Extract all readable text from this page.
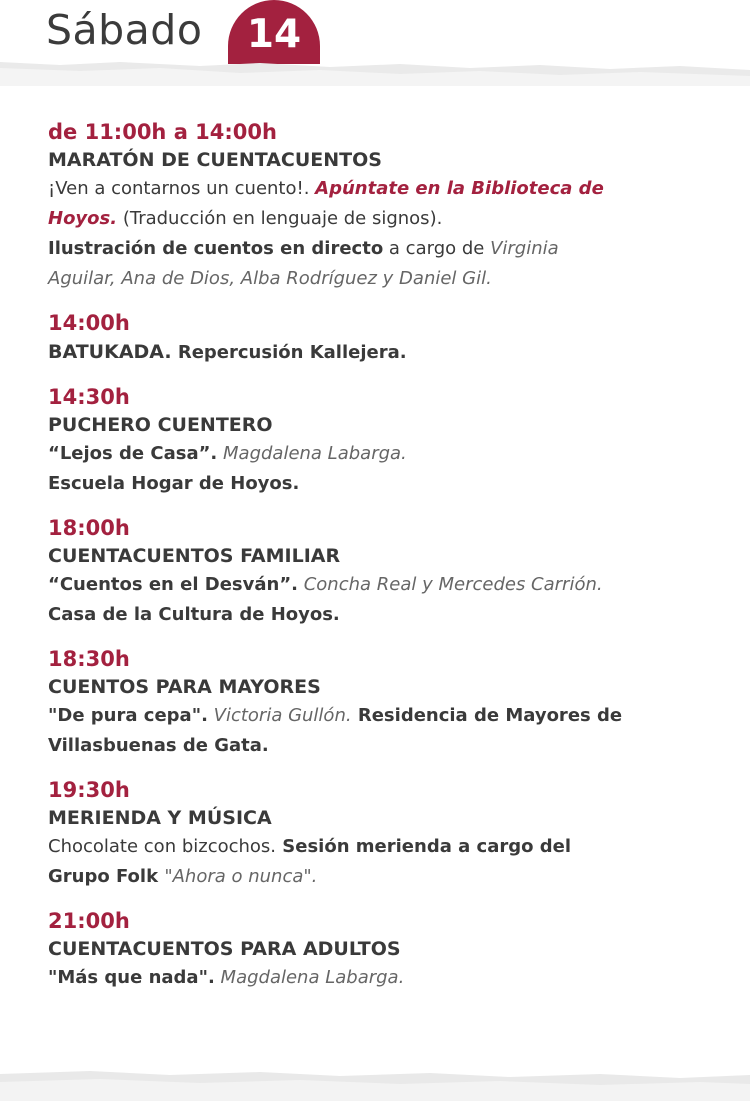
Sábado	14
de 11:00h a 14:00h
MARATÓN DE CUENTACUENTOS
¡Ven a contarnos un cuento!. Apúntate en la Biblioteca de
Hoyos. (Traducción en lenguaje de signos).
Ilustración de cuentos en directo a cargo de Virginia
Aguilar, Ana de Dios, Alba Rodríguez y Daniel Gil.
14:00h
BATUKADA. Repercusión Kallejera.
14:30h
PUCHERO CUENTERO
“Lejos de Casa”. Magdalena Labarga.
Escuela Hogar de Hoyos.
18:00h
CUENTACUENTOS FAMILIAR
“Cuentos en el Desván”. Concha Real y Mercedes Carrión.
Casa de la Cultura de Hoyos.
18:30h
CUENTOS PARA MAYORES
"De pura cepa". Victoria Gullón. Residencia de Mayores de
Villasbuenas de Gata.
19:30h
MERIENDA Y MÚSICA
Chocolate con bizcochos. Sesión merienda a cargo del
Grupo Folk "Ahora o nunca".
21:00h
CUENTACUENTOS PARA ADULTOS
"Más que nada". Magdalena Labarga.
